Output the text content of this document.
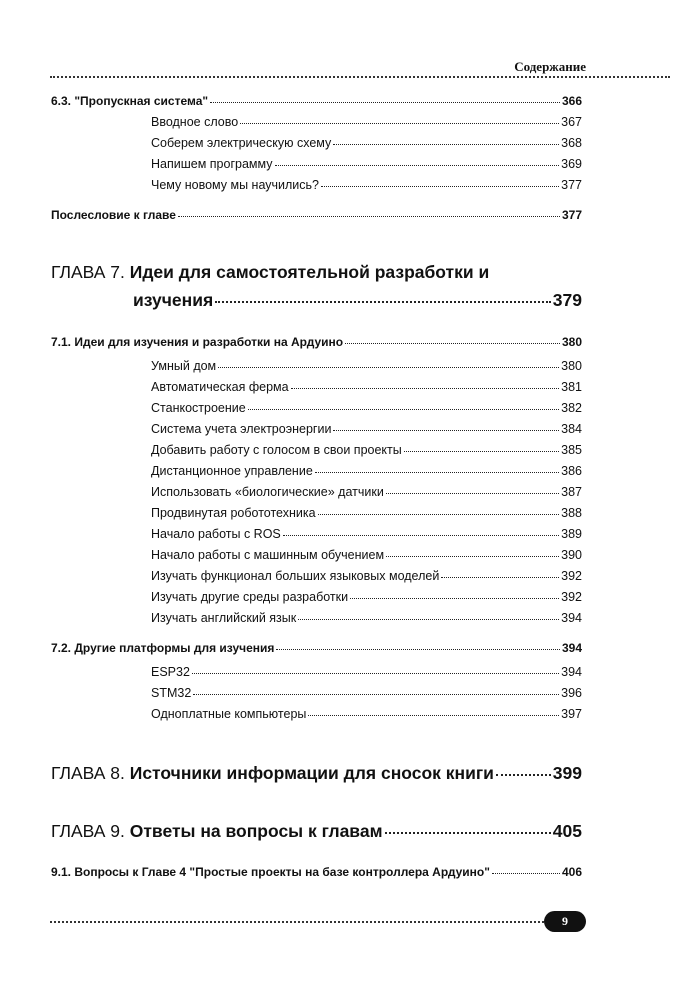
Содержание
6.3. "Пропускная система"	366
Вводное слово	367
Соберем электрическую схему	368
Напишем программу	369
Чему новому мы научились?	377
Послесловие к главе	377
ГЛАВА 7. Идеи для самостоятельной разработки и
изучения	379
7.1. Идеи для изучения и разработки на Ардуино	380
Умный дом	380
Автоматическая ферма	381
Станкостроение	382
Система учета электроэнергии	384
Добавить работу с голосом в свои проекты	385
Дистанционное управление	386
Использовать «биологические» датчики	387
Продвинутая робототехника	388
Начало работы с ROS	389
Начало работы с машинным обучением	390
Изучать функционал больших языковых моделей	392
Изучать другие среды разработки	392
Изучать английский язык	394
7.2. Другие платформы для изучения	394
ESP32	394
STM32	396
Одноплатные компьютеры	397
ГЛАВА 8. Источники информации для сносок книги	399
ГЛАВА 9. Ответы на вопросы к главам	405
9.1. Вопросы к Главе 4 "Простые проекты на базе контроллера Ардуино"	406
9
